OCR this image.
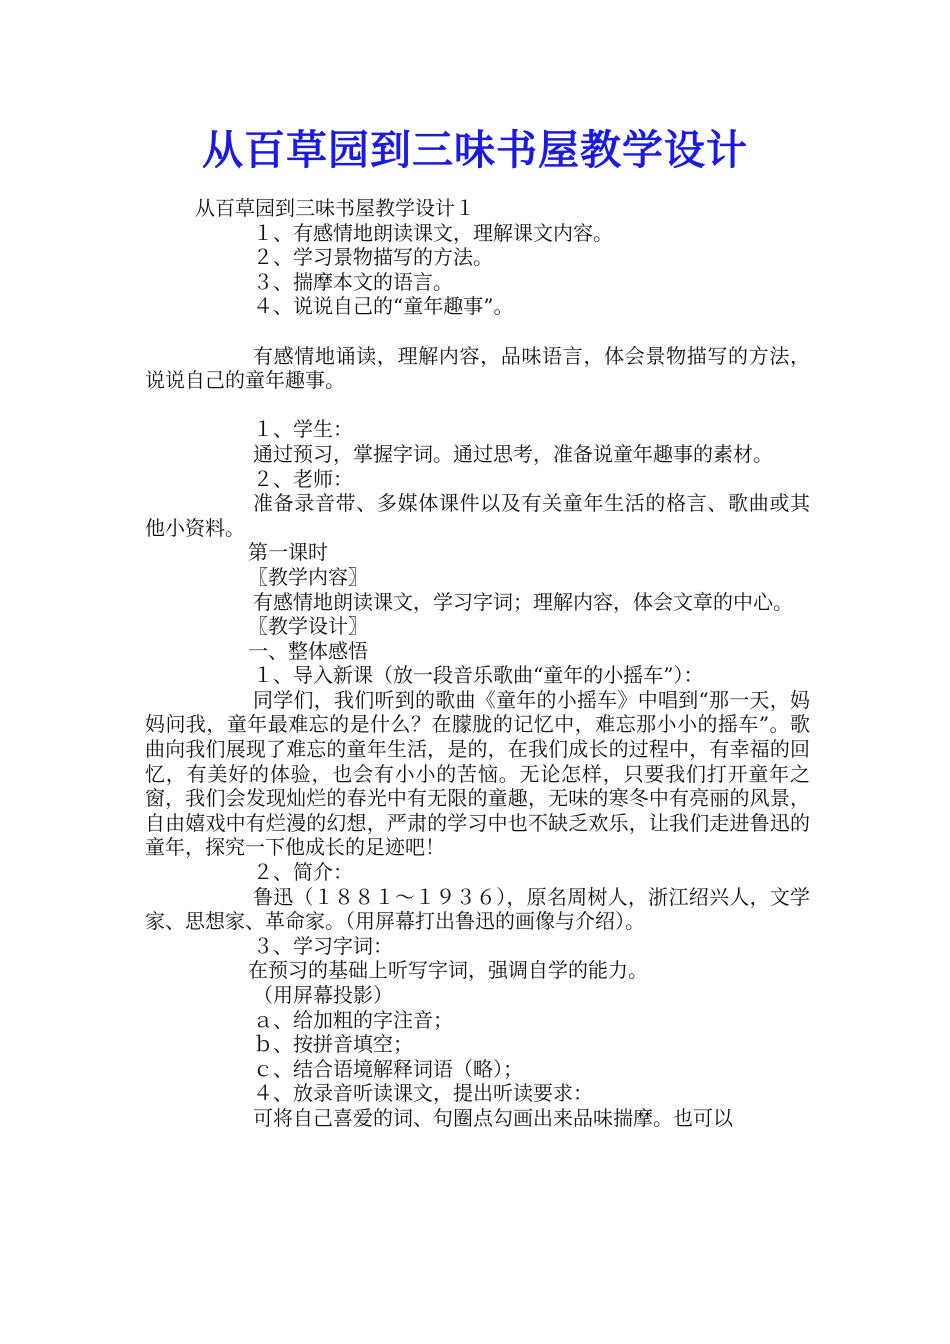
从百草园到三味书屋教学设计

从百草园到三味书屋教学设计１

１、有感情地朗读课文，理解课文内容。

２、学习景物描写的方法。

３、揣摩本文的语言。

４、说说自己的“童年趣事”。

有感情地诵读，理解内容，品味语言，体会景物描写的方法，说说自己的童年趣事。

１、学生：

通过预习，掌握字词。通过思考，准备说童年趣事的素材。

２、老师：

准备录音带、多媒体课件以及有关童年生活的格言、歌曲或其他小资料。

第一课时

〖教学内容〗

有感情地朗读课文，学习字词；理解内容，体会文章的中心。

〖教学设计〗

一、整体感悟

１、导入新课（放一段音乐歌曲“童年的小摇车”）：

同学们，我们听到的歌曲《童年的小摇车》中唱到“那一天，妈妈问我，童年最难忘的是什么？在朦胧的记忆中，难忘那小小的摇车”。歌曲向我们展现了难忘的童年生活，是的，在我们成长的过程中，有幸福的回忆，有美好的体验，也会有小小的苦恼。无论怎样，只要我们打开童年之窗，我们会发现灿烂的春光中有无限的童趣，无味的寒冬中有亮丽的风景，自由嬉戏中有烂漫的幻想，严肃的学习中也不缺乏欢乐，让我们走进鲁迅的童年，探究一下他成长的足迹吧！

２、简介：

鲁迅（１８８１～１９３６），原名周树人，浙江绍兴人，文学家、思想家、革命家。（用屏幕打出鲁迅的画像与介绍）。

３、学习字词：

在预习的基础上听写字词，强调自学的能力。

（用屏幕投影）

ａ、给加粗的字注音；

ｂ、按拼音填空；

ｃ、结合语境解释词语（略）；

４、放录音听读课文，提出听读要求：

可将自己喜爱的词、句圈点勾画出来品味揣摩。也可以
